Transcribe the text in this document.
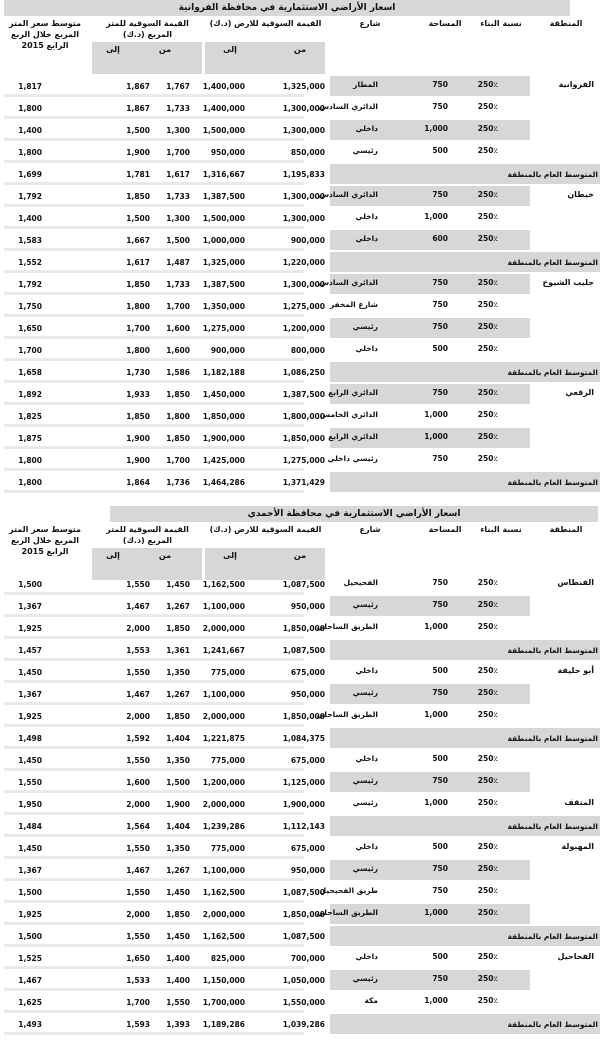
اسعار الأراضي الاستثمارية في محافظة الفروانية
المنطقة
نسبة البناء
المساحة
شارع
القيمة السوقية للارض (د.ك)
القيمة السوقية للمتر المربع (د.ك)
متوسط سعر المتر المربع خلال الربع الرابع 2015	من
إلى
من
إلى
الفروانية
250٪
750
المطار
1,325,000
1,400,000
1,767
1,867
1,817
250٪
750
الدائري السادس
1,300,000
1,400,000
1,733
1,867
1,800
250٪
1,000
داخلي
1,300,000
1,500,000
1,300
1,500
1,400
250٪
500
رئيسي
850,000
950,000
1,700
1,900
1,800
المتوسط العام بالمنطقة
1,195,833
1,316,667
1,617
1,781
1,699
خيطان
250٪
750
الدائري السادس
1,300,000
1,387,500
1,733
1,850
1,792
250٪
1,000
داخلي
1,300,000
1,500,000
1,300
1,500
1,400
250٪
600
داخلي
900,000
1,000,000
1,500
1,667
1,583
المتوسط العام بالمنطقة
1,220,000
1,325,000
1,487
1,617
1,552
جليب الشيوخ
250٪
750
الدائري السادس
1,300,000
1,387,500
1,733
1,850
1,792
250٪
750
شارع المخفر
1,275,000
1,350,000
1,700
1,800
1,750
250٪
750
رئيسي
1,200,000
1,275,000
1,600
1,700
1,650
250٪
500
داخلي
800,000
900,000
1,600
1,800
1,700
المتوسط العام بالمنطقة
1,086,250
1,182,188
1,586
1,730
1,658
الرقعي
250٪
750
الدائري الرابع
1,387,500
1,450,000
1,850
1,933
1,892
250٪
1,000
الدائري الخامس
1,800,000
1,850,000
1,800
1,850
1,825
250٪
1,000
الدائري الرابع
1,850,000
1,900,000
1,850
1,900
1,875
250٪
750
رئيسي داخلي
1,275,000
1,425,000
1,700
1,900
1,800
المتوسط العام بالمنطقة
1,371,429
1,464,286
1,736
1,864
1,800
اسعار الأراضي الاستثمارية في محافظة الأحمدي
المنطقة
نسبة البناء
المساحة
شارع
القيمة السوقية للارض (د.ك)
القيمة السوقية للمتر المربع (د.ك)
متوسط سعر المتر المربع خلال الربع الرابع 2015	من
إلى
من
إلى
الفنطاس
250٪
750
الفحيحيل
1,087,500
1,162,500
1,450
1,550
1,500
250٪
750
رئيسي
950,000
1,100,000
1,267
1,467
1,367
250٪
1,000
الطريق الساحلي
1,850,000
2,000,000
1,850
2,000
1,925
المتوسط العام بالمنطقة
1,087,500
1,241,667
1,361
1,553
1,457
أبو حليفة
250٪
500
داخلي
675,000
775,000
1,350
1,550
1,450
250٪
750
رئيسي
950,000
1,100,000
1,267
1,467
1,367
250٪
1,000
الطريق الساحلي
1,850,000
2,000,000
1,850
2,000
1,925
المتوسط العام بالمنطقة
1,084,375
1,221,875
1,404
1,592
1,498
250٪
500
داخلي
675,000
775,000
1,350
1,550
1,450
250٪
750
رئيسي
1,125,000
1,200,000
1,500
1,600
1,550
المنقف
250٪
1,000
رئيسي
1,900,000
2,000,000
1,900
2,000
1,950
المتوسط العام بالمنطقة
1,112,143
1,239,286
1,404
1,564
1,484
المهبولة
250٪
500
داخلي
675,000
775,000
1,350
1,550
1,450
250٪
750
رئيسي
950,000
1,100,000
1,267
1,467
1,367
250٪
750
طريق الفحيحيل
1,087,500
1,162,500
1,450
1,550
1,500
250٪
1,000
الطريق الساحلي
1,850,000
2,000,000
1,850
2,000
1,925
المتوسط العام بالمنطقة
1,087,500
1,162,500
1,450
1,550
1,500
الفحاحيل
250٪
500
داخلي
700,000
825,000
1,400
1,650
1,525
250٪
750
رئيسي
1,050,000
1,150,000
1,400
1,533
1,467
250٪
1,000
مكة
1,550,000
1,700,000
1,550
1,700
1,625
المتوسط العام بالمنطقة
1,039,286
1,189,286
1,393
1,593
1,493
